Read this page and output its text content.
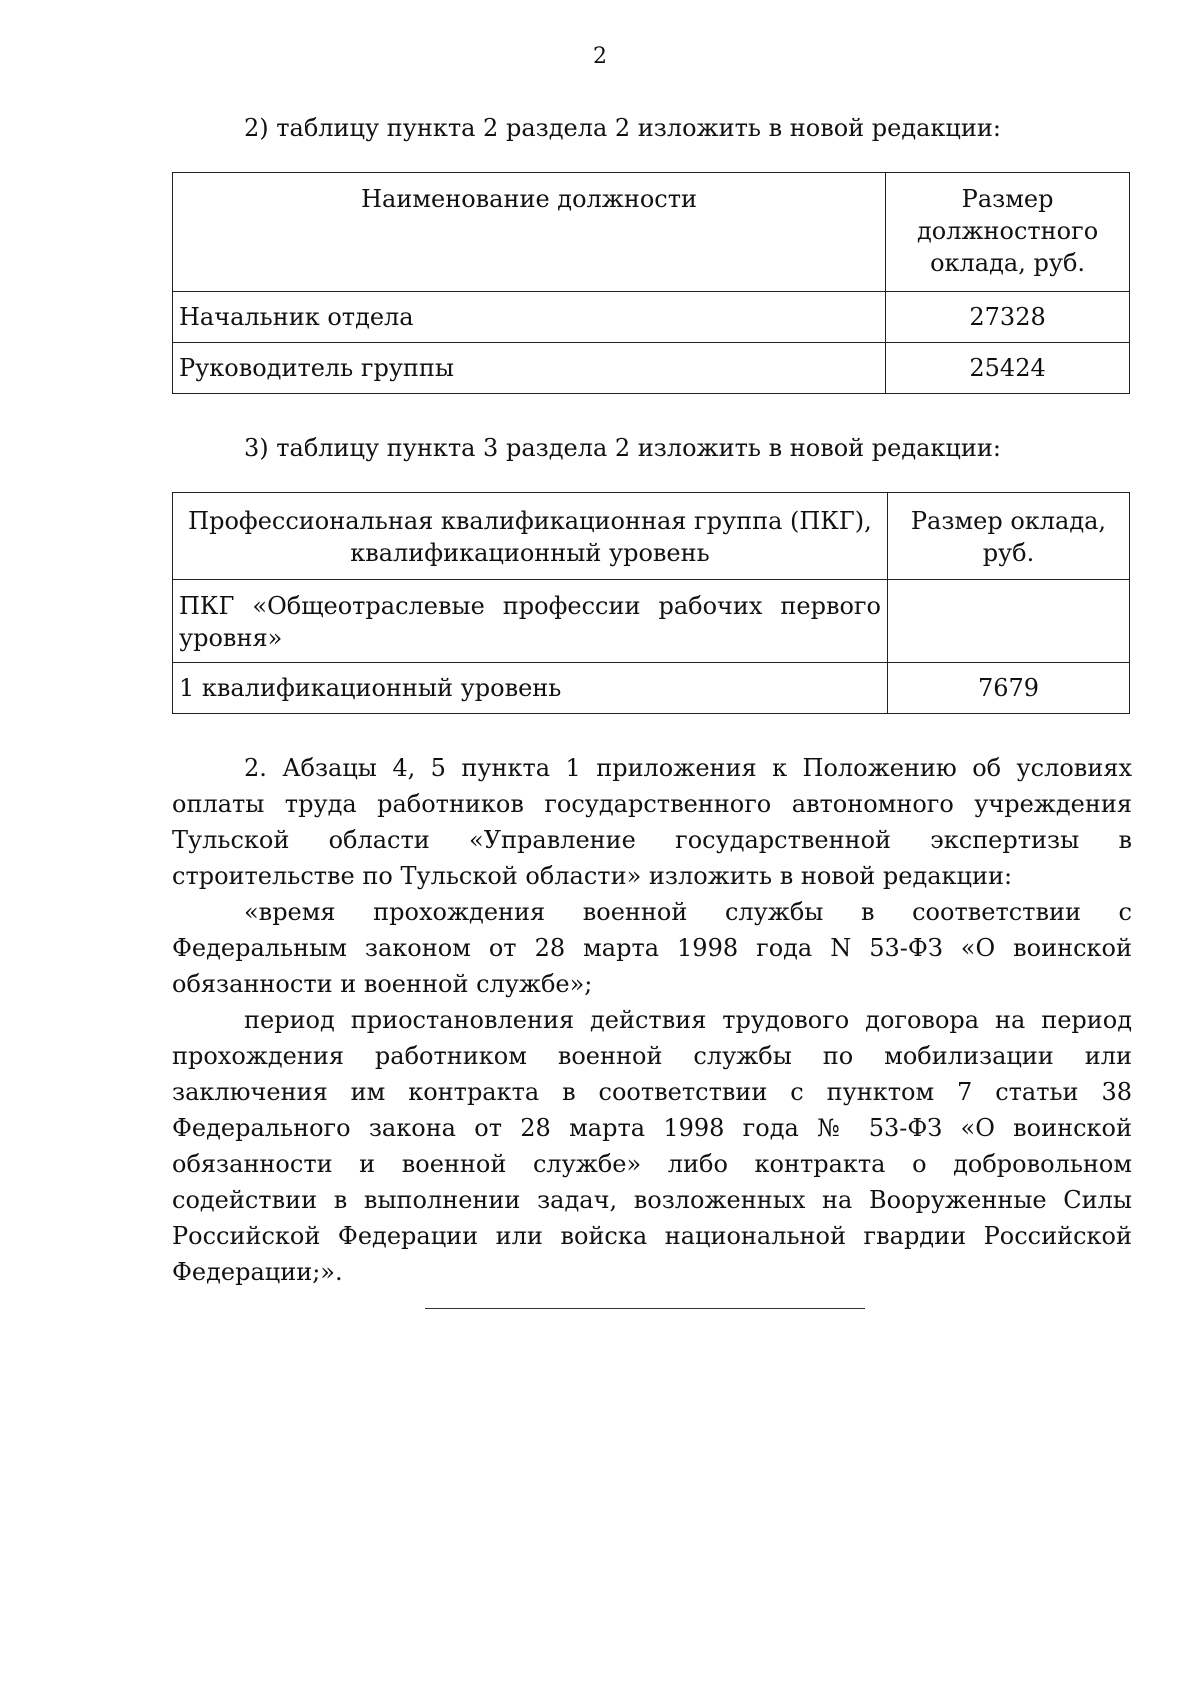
2

2) таблицу пункта 2 раздела 2 изложить в новой редакции:

Наименование должности	Размер должностного оклада, руб.
Начальник отдела	27328
Руководитель группы	25424

3) таблицу пункта 3 раздела 2 изложить в новой редакции:

Профессиональная квалификационная группа (ПКГ), квалификационный уровень	Размер оклада, руб.
ПКГ «Общеотраслевые профессии рабочих первого уровня»	
1 квалификационный уровень	7679

2. Абзацы 4, 5 пункта 1 приложения к Положению об условиях оплаты труда работников государственного автономного учреждения Тульской области «Управление государственной экспертизы в строительстве по Тульской области» изложить в новой редакции:

«время прохождения военной службы в соответствии с Федеральным законом от 28 марта 1998 года N 53-ФЗ «О воинской обязанности и военной службе»;

период приостановления действия трудового договора на период прохождения работником военной службы по мобилизации или заключения им контракта в соответствии с пунктом 7 статьи 38 Федерального закона от 28 марта 1998 года № 53-ФЗ «О воинской обязанности и военной службе» либо контракта о добровольном содействии в выполнении задач, возложенных на Вооруженные Силы Российской Федерации или войска национальной гвардии Российской Федерации;».
